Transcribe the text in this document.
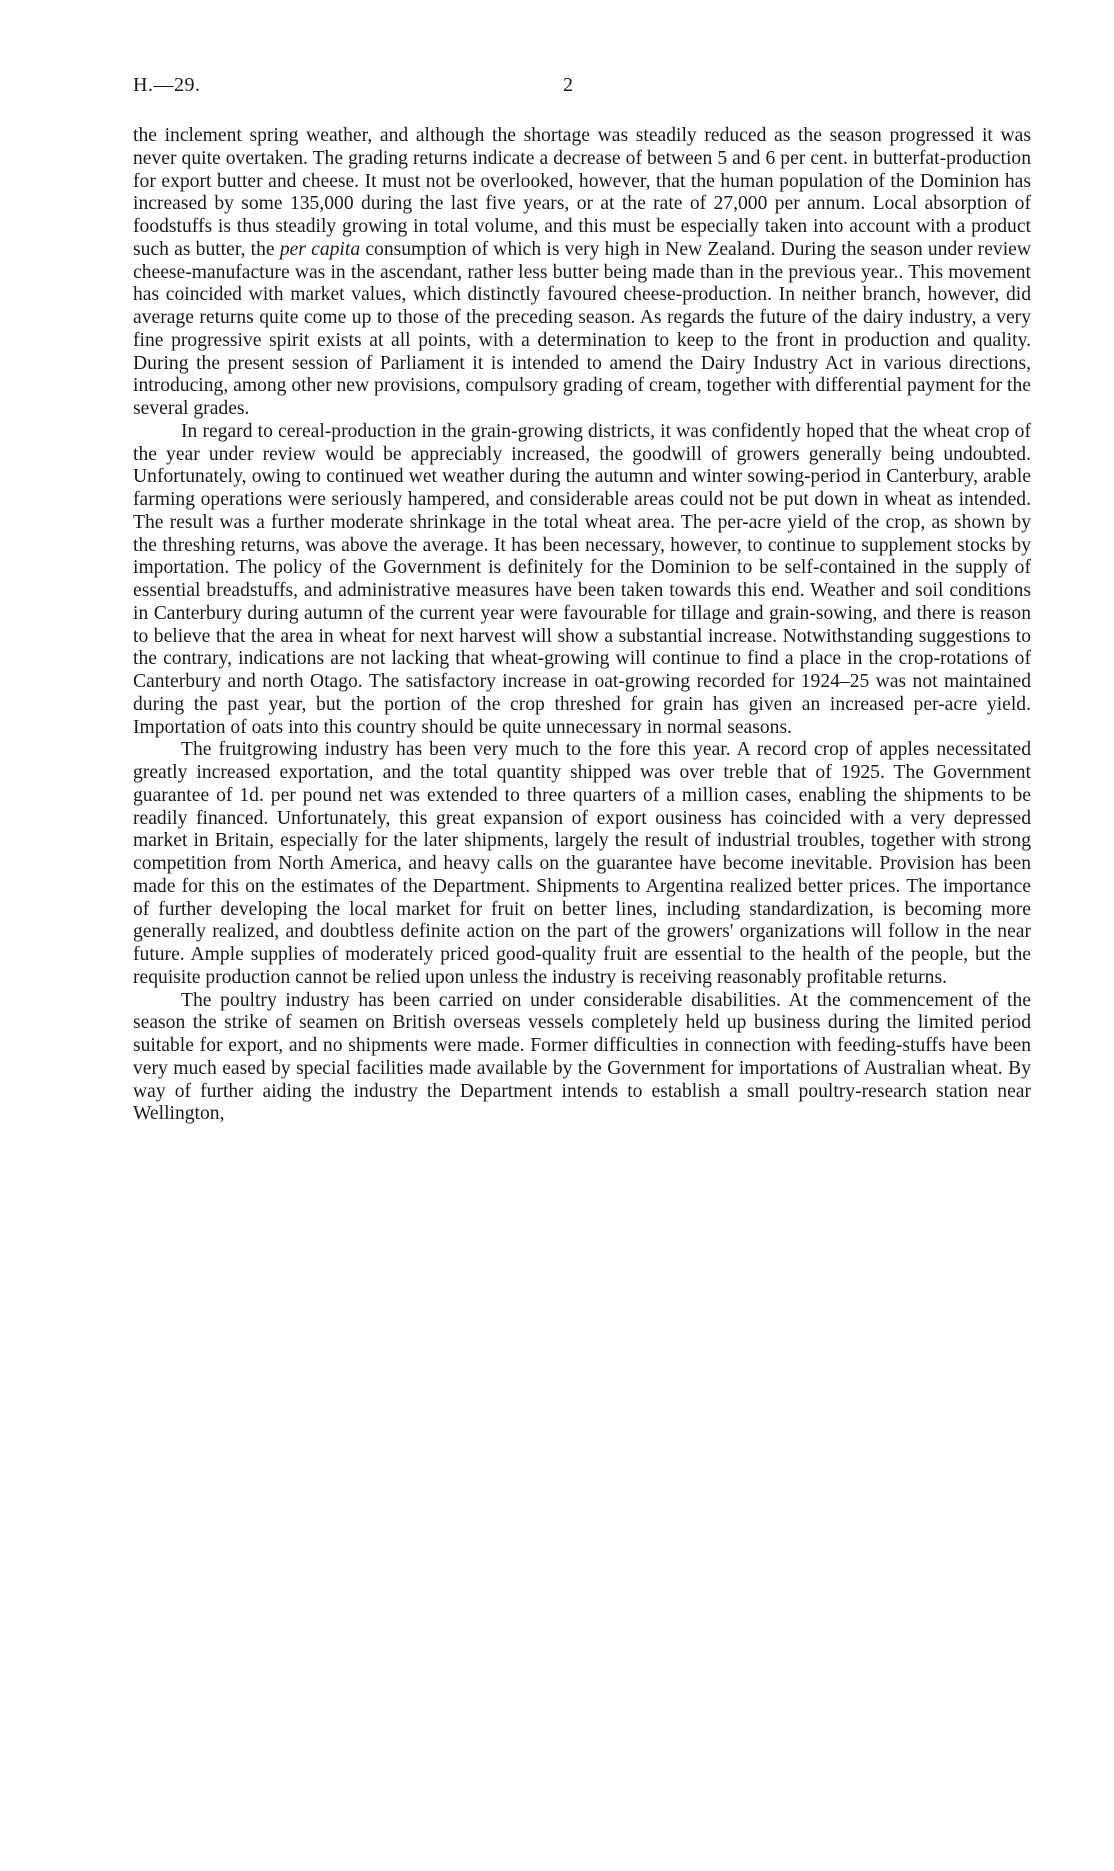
H.—29.	2

the inclement spring weather, and although the shortage was steadily reduced as the season progressed it was never quite overtaken. The grading returns indicate a decrease of between 5 and 6 per cent. in butterfat-production for export butter and cheese. It must not be overlooked, however, that the human population of the Dominion has increased by some 135,000 during the last five years, or at the rate of 27,000 per annum. Local absorption of foodstuffs is thus steadily growing in total volume, and this must be especially taken into account with a product such as butter, the per capita consumption of which is very high in New Zealand. During the season under review cheese-manufacture was in the ascendant, rather less butter being made than in the previous year.. This movement has coincided with market values, which distinctly favoured cheese-production. In neither branch, however, did average returns quite come up to those of the preceding season. As regards the future of the dairy industry, a very fine progressive spirit exists at all points, with a determination to keep to the front in production and quality. During the present session of Parliament it is intended to amend the Dairy Industry Act in various directions, introducing, among other new provisions, compulsory grading of cream, together with differential payment for the several grades.

In regard to cereal-production in the grain-growing districts, it was confidently hoped that the wheat crop of the year under review would be appreciably increased, the goodwill of growers generally being undoubted. Unfortunately, owing to continued wet weather during the autumn and winter sowing-period in Canterbury, arable farming operations were seriously hampered, and considerable areas could not be put down in wheat as intended. The result was a further moderate shrinkage in the total wheat area. The per-acre yield of the crop, as shown by the threshing returns, was above the average. It has been necessary, however, to continue to supplement stocks by importation. The policy of the Government is definitely for the Dominion to be self-contained in the supply of essential breadstuffs, and administrative measures have been taken towards this end. Weather and soil conditions in Canterbury during autumn of the current year were favourable for tillage and grain-sowing, and there is reason to believe that the area in wheat for next harvest will show a substantial increase. Notwithstanding suggestions to the contrary, indications are not lacking that wheat-growing will continue to find a place in the crop-rotations of Canterbury and north Otago. The satisfactory increase in oat-growing recorded for 1924–25 was not maintained during the past year, but the portion of the crop threshed for grain has given an increased per-acre yield. Importation of oats into this country should be quite unnecessary in normal seasons.

The fruitgrowing industry has been very much to the fore this year. A record crop of apples necessitated greatly increased exportation, and the total quantity shipped was over treble that of 1925. The Government guarantee of 1d. per pound net was extended to three quarters of a million cases, enabling the shipments to be readily financed. Unfortunately, this great expansion of export ousiness has coincided with a very depressed market in Britain, especially for the later shipments, largely the result of industrial troubles, together with strong competition from North America, and heavy calls on the guarantee have become inevitable. Provision has been made for this on the estimates of the Department. Shipments to Argentina realized better prices. The importance of further developing the local market for fruit on better lines, including standardization, is becoming more generally realized, and doubtless definite action on the part of the growers' organizations will follow in the near future. Ample supplies of moderately priced good-quality fruit are essential to the health of the people, but the requisite production cannot be relied upon unless the industry is receiving reasonably profitable returns.

The poultry industry has been carried on under considerable disabilities. At the commencement of the season the strike of seamen on British overseas vessels completely held up business during the limited period suitable for export, and no shipments were made. Former difficulties in connection with feeding-stuffs have been very much eased by special facilities made available by the Government for importations of Australian wheat. By way of further aiding the industry the Department intends to establish a small poultry-research station near Wellington,
